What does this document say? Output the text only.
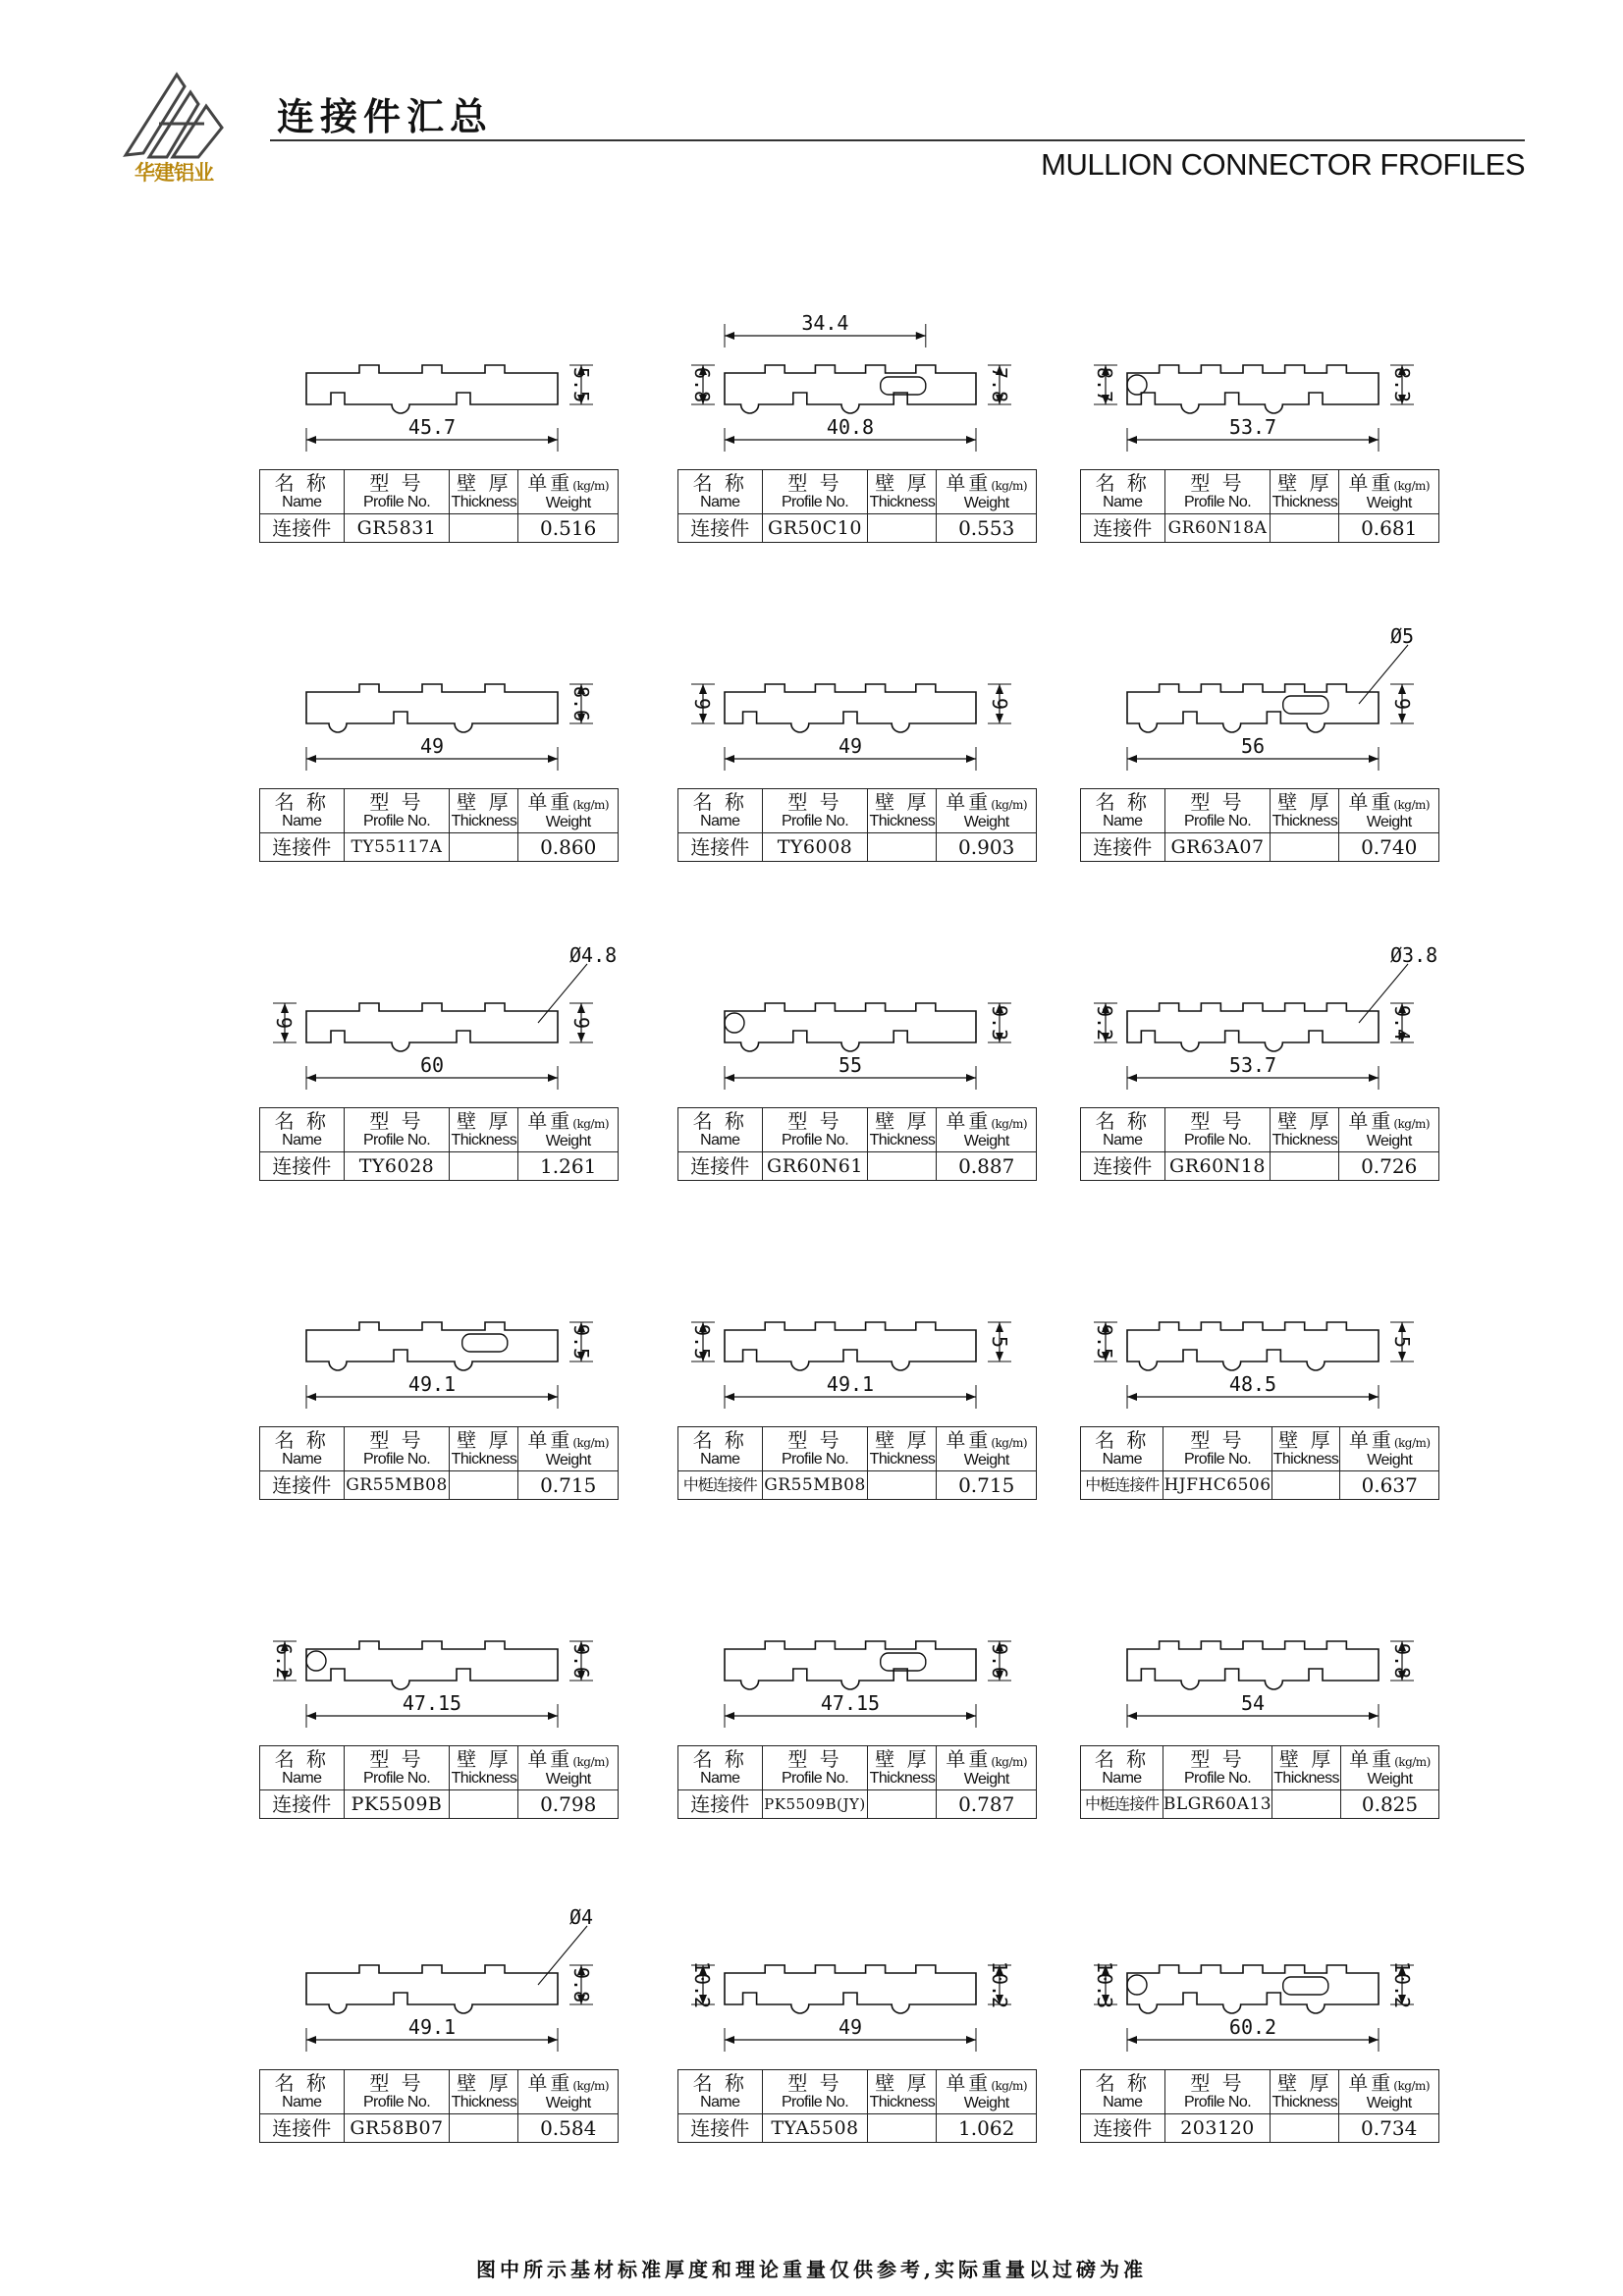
华建铝业
连接件汇总
MULLION CONNECTOR FROFILES
5.5
45.7
名 称
Name	型 号
Profile No.	壁 厚
Thickness	单重(kg/m)
Weight

连接件	GR5831		0.516
40.8
34.4
6.8	7.8
名 称
Name	型 号
Profile No.	壁 厚
Thickness	单重(kg/m)
Weight

连接件	GR50C10		0.553
8.7	8.3
53.7
名 称
Name	型 号
Profile No.	壁 厚
Thickness	单重(kg/m)
Weight

连接件	GR60N18A		0.681
8.6
49
名 称
Name	型 号
Profile No.	壁 厚
Thickness	单重(kg/m)
Weight

连接件	TY55117A		0.860
9	9
49
名 称
Name	型 号
Profile No.	壁 厚
Thickness	单重(kg/m)
Weight

连接件	TY6008		0.903
56
Ø5
9
名 称
Name	型 号
Profile No.	壁 厚
Thickness	单重(kg/m)
Weight

连接件	GR63A07		0.740
Ø4.8
9	9
60
名 称
Name	型 号
Profile No.	壁 厚
Thickness	单重(kg/m)
Weight

连接件	TY6028		1.261
9.3
55
名 称
Name	型 号
Profile No.	壁 厚
Thickness	单重(kg/m)
Weight

连接件	GR60N61		0.887
Ø3.8
9.2	9.4
53.7
名 称
Name	型 号
Profile No.	壁 厚
Thickness	单重(kg/m)
Weight

连接件	GR60N18		0.726
49.1
9.5
名 称
Name	型 号
Profile No.	壁 厚
Thickness	单重(kg/m)
Weight

连接件	GR55MB08		0.715
49.1
9.5	5
名 称
Name	型 号
Profile No.	壁 厚
Thickness	单重(kg/m)
Weight

中梃连接件	GR55MB08		0.715
48.5
9.5	5
名 称
Name	型 号
Profile No.	壁 厚
Thickness	单重(kg/m)
Weight

中梃连接件	HJFHC6506		0.637
6.2
47.15
9.6
名 称
Name	型 号
Profile No.	壁 厚
Thickness	单重(kg/m)
Weight

连接件	PK5509B		0.798
9.6
47.15
名 称
Name	型 号
Profile No.	壁 厚
Thickness	单重(kg/m)
Weight

连接件	PK5509B(JY)		0.787
54
9.8
名 称
Name	型 号
Profile No.	壁 厚
Thickness	单重(kg/m)
Weight

中梃连接件	BLGR60A13		0.825
Ø4
9.8
49.1
名 称
Name	型 号
Profile No.	壁 厚
Thickness	单重(kg/m)
Weight

连接件	GR58B07		0.584
49
10.2	10.2
名 称
Name	型 号
Profile No.	壁 厚
Thickness	单重(kg/m)
Weight

连接件	TYA5508		1.062
10.3	10.2
60.2
名 称
Name	型 号
Profile No.	壁 厚
Thickness	单重(kg/m)
Weight

连接件	203120		0.734
图中所示基材标准厚度和理论重量仅供参考,实际重量以过磅为准
